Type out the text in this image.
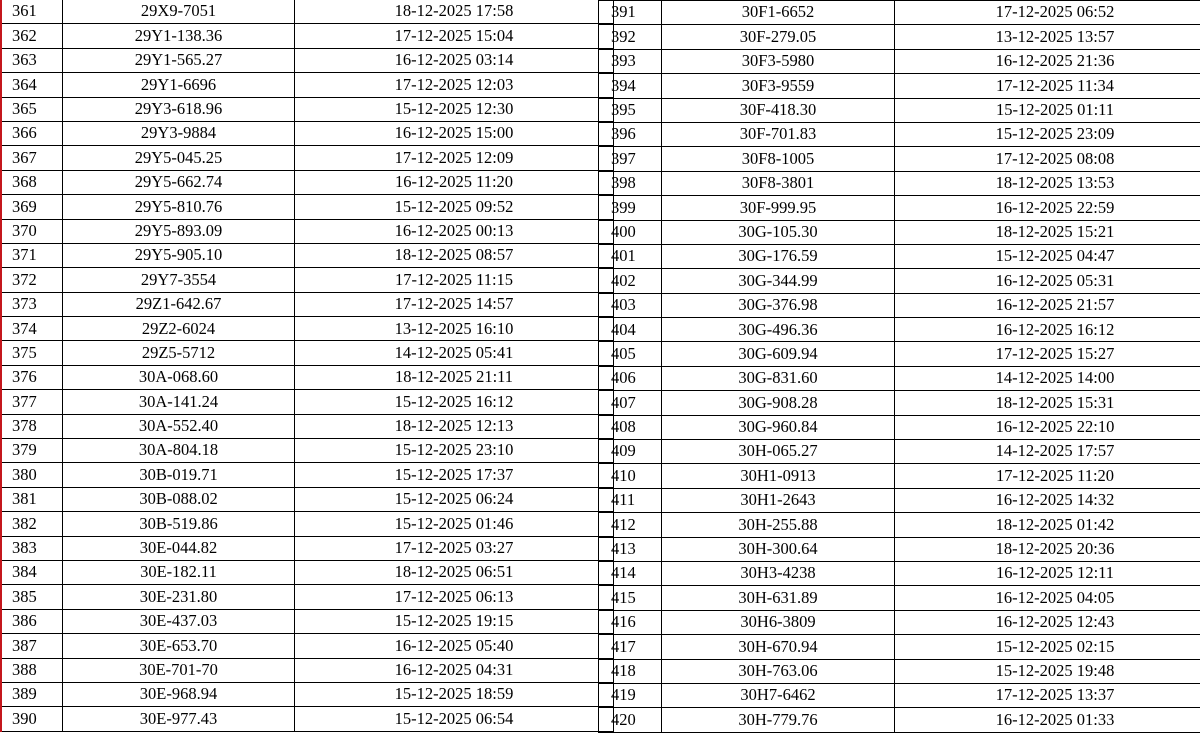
361	29X9-7051	18-12-2025 17:58
362	29Y1-138.36	17-12-2025 15:04
363	29Y1-565.27	16-12-2025 03:14
364	29Y1-6696	17-12-2025 12:03
365	29Y3-618.96	15-12-2025 12:30
366	29Y3-9884	16-12-2025 15:00
367	29Y5-045.25	17-12-2025 12:09
368	29Y5-662.74	16-12-2025 11:20
369	29Y5-810.76	15-12-2025 09:52
370	29Y5-893.09	16-12-2025 00:13
371	29Y5-905.10	18-12-2025 08:57
372	29Y7-3554	17-12-2025 11:15
373	29Z1-642.67	17-12-2025 14:57
374	29Z2-6024	13-12-2025 16:10
375	29Z5-5712	14-12-2025 05:41
376	30A-068.60	18-12-2025 21:11
377	30A-141.24	15-12-2025 16:12
378	30A-552.40	18-12-2025 12:13
379	30A-804.18	15-12-2025 23:10
380	30B-019.71	15-12-2025 17:37
381	30B-088.02	15-12-2025 06:24
382	30B-519.86	15-12-2025 01:46
383	30E-044.82	17-12-2025 03:27
384	30E-182.11	18-12-2025 06:51
385	30E-231.80	17-12-2025 06:13
386	30E-437.03	15-12-2025 19:15
387	30E-653.70	16-12-2025 05:40
388	30E-701-70	16-12-2025 04:31
389	30E-968.94	15-12-2025 18:59
390	30E-977.43	15-12-2025 06:54
391	30F1-6652	17-12-2025 06:52
392	30F-279.05	13-12-2025 13:57
393	30F3-5980	16-12-2025 21:36
394	30F3-9559	17-12-2025 11:34
395	30F-418.30	15-12-2025 01:11
396	30F-701.83	15-12-2025 23:09
397	30F8-1005	17-12-2025 08:08
398	30F8-3801	18-12-2025 13:53
399	30F-999.95	16-12-2025 22:59
400	30G-105.30	18-12-2025 15:21
401	30G-176.59	15-12-2025 04:47
402	30G-344.99	16-12-2025 05:31
403	30G-376.98	16-12-2025 21:57
404	30G-496.36	16-12-2025 16:12
405	30G-609.94	17-12-2025 15:27
406	30G-831.60	14-12-2025 14:00
407	30G-908.28	18-12-2025 15:31
408	30G-960.84	16-12-2025 22:10
409	30H-065.27	14-12-2025 17:57
410	30H1-0913	17-12-2025 11:20
411	30H1-2643	16-12-2025 14:32
412	30H-255.88	18-12-2025 01:42
413	30H-300.64	18-12-2025 20:36
414	30H3-4238	16-12-2025 12:11
415	30H-631.89	16-12-2025 04:05
416	30H6-3809	16-12-2025 12:43
417	30H-670.94	15-12-2025 02:15
418	30H-763.06	15-12-2025 19:48
419	30H7-6462	17-12-2025 13:37
420	30H-779.76	16-12-2025 01:33
